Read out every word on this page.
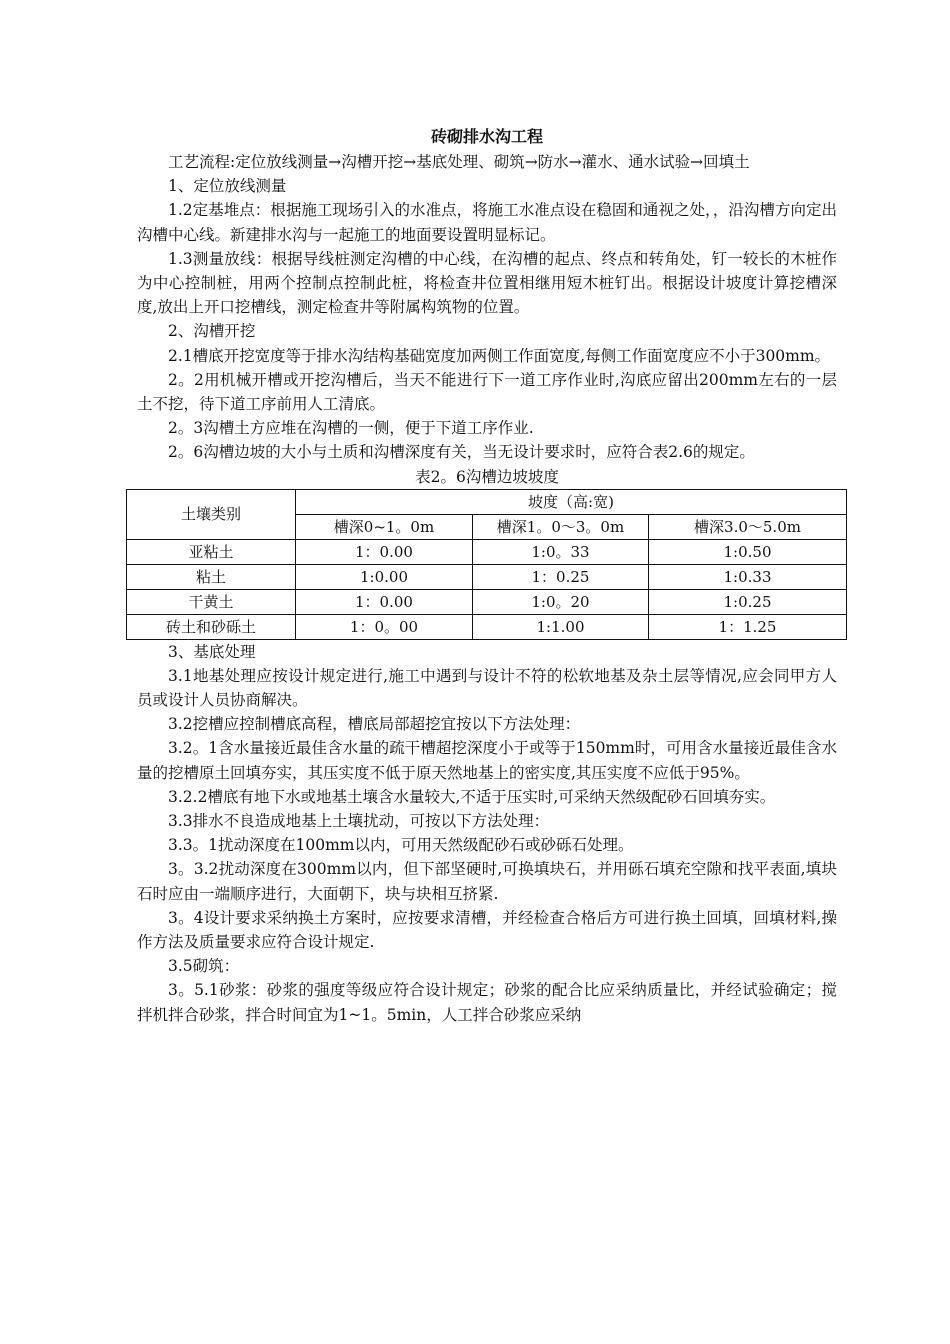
砖砌排水沟工程

工艺流程:定位放线测量→沟槽开挖→基底处理、砌筑→防水→灌水、通水试验→回填土

1、定位放线测量

1.2定基堆点：根据施工现场引入的水准点，将施工水准点设在稳固和通视之处，，沿沟槽方向定出沟槽中心线。新建排水沟与一起施工的地面要设置明显标记。

1.3测量放线：根据导线桩测定沟槽的中心线，在沟槽的起点、终点和转角处，钉一较长的木桩作为中心控制桩，用两个控制点控制此桩，将检查井位置相继用短木桩钉出。根据设计坡度计算挖槽深度,放出上开口挖槽线，测定检查井等附属构筑物的位置。

2、沟槽开挖

2.1槽底开挖宽度等于排水沟结构基础宽度加两侧工作面宽度,每侧工作面宽度应不小于300mm。

2。2用机械开槽或开挖沟槽后，当天不能进行下一道工序作业时,沟底应留出200mm左右的一层土不挖，待下道工序前用人工清底。

2。3沟槽土方应堆在沟槽的一侧，便于下道工序作业.

2。6沟槽边坡的大小与土质和沟槽深度有关，当无设计要求时，应符合表2.6的规定。

表2。6沟槽边坡坡度
土壤类别	坡度（高:宽)		
	槽深0~1。0m	槽深1。0～3。0m	槽深3.0～5.0m
亚粘土	1：0.00	1:0。33	1:0.50
粘土	1:0.00	1：0.25	1:0.33
干黄土	1：0.00	1:0。20	1:0.25
砖土和砂砾土	1：0。00	1:1.00	1：1.25

3、基底处理

3.1地基处理应按设计规定进行,施工中遇到与设计不符的松软地基及杂土层等情况,应会同甲方人员或设计人员协商解决。

3.2挖槽应控制槽底高程，槽底局部超挖宜按以下方法处理：

3.2。1含水量接近最佳含水量的疏干槽超挖深度小于或等于150mm时，可用含水量接近最佳含水量的挖槽原土回填夯实，其压实度不低于原天然地基上的密实度,其压实度不应低于95%。

3.2.2槽底有地下水或地基土壤含水量较大,不适于压实时,可采纳天然级配砂石回填夯实。

3.3排水不良造成地基上土壤扰动，可按以下方法处理：

3.3。1扰动深度在100mm以内，可用天然级配砂石或砂砾石处理。

3。3.2扰动深度在300mm以内，但下部坚硬时,可换填块石，并用砾石填充空隙和找平表面,填块石时应由一端顺序进行，大面朝下，块与块相互挤紧.

3。4设计要求采纳换土方案时，应按要求清槽，并经检查合格后方可进行换土回填，回填材料,操作方法及质量要求应符合设计规定.

3.5砌筑：

3。5.1砂浆：砂浆的强度等级应符合设计规定；砂浆的配合比应采纳质量比，并经试验确定；搅拌机拌合砂浆，拌合时间宜为1~1。5min，人工拌合砂浆应采纳
